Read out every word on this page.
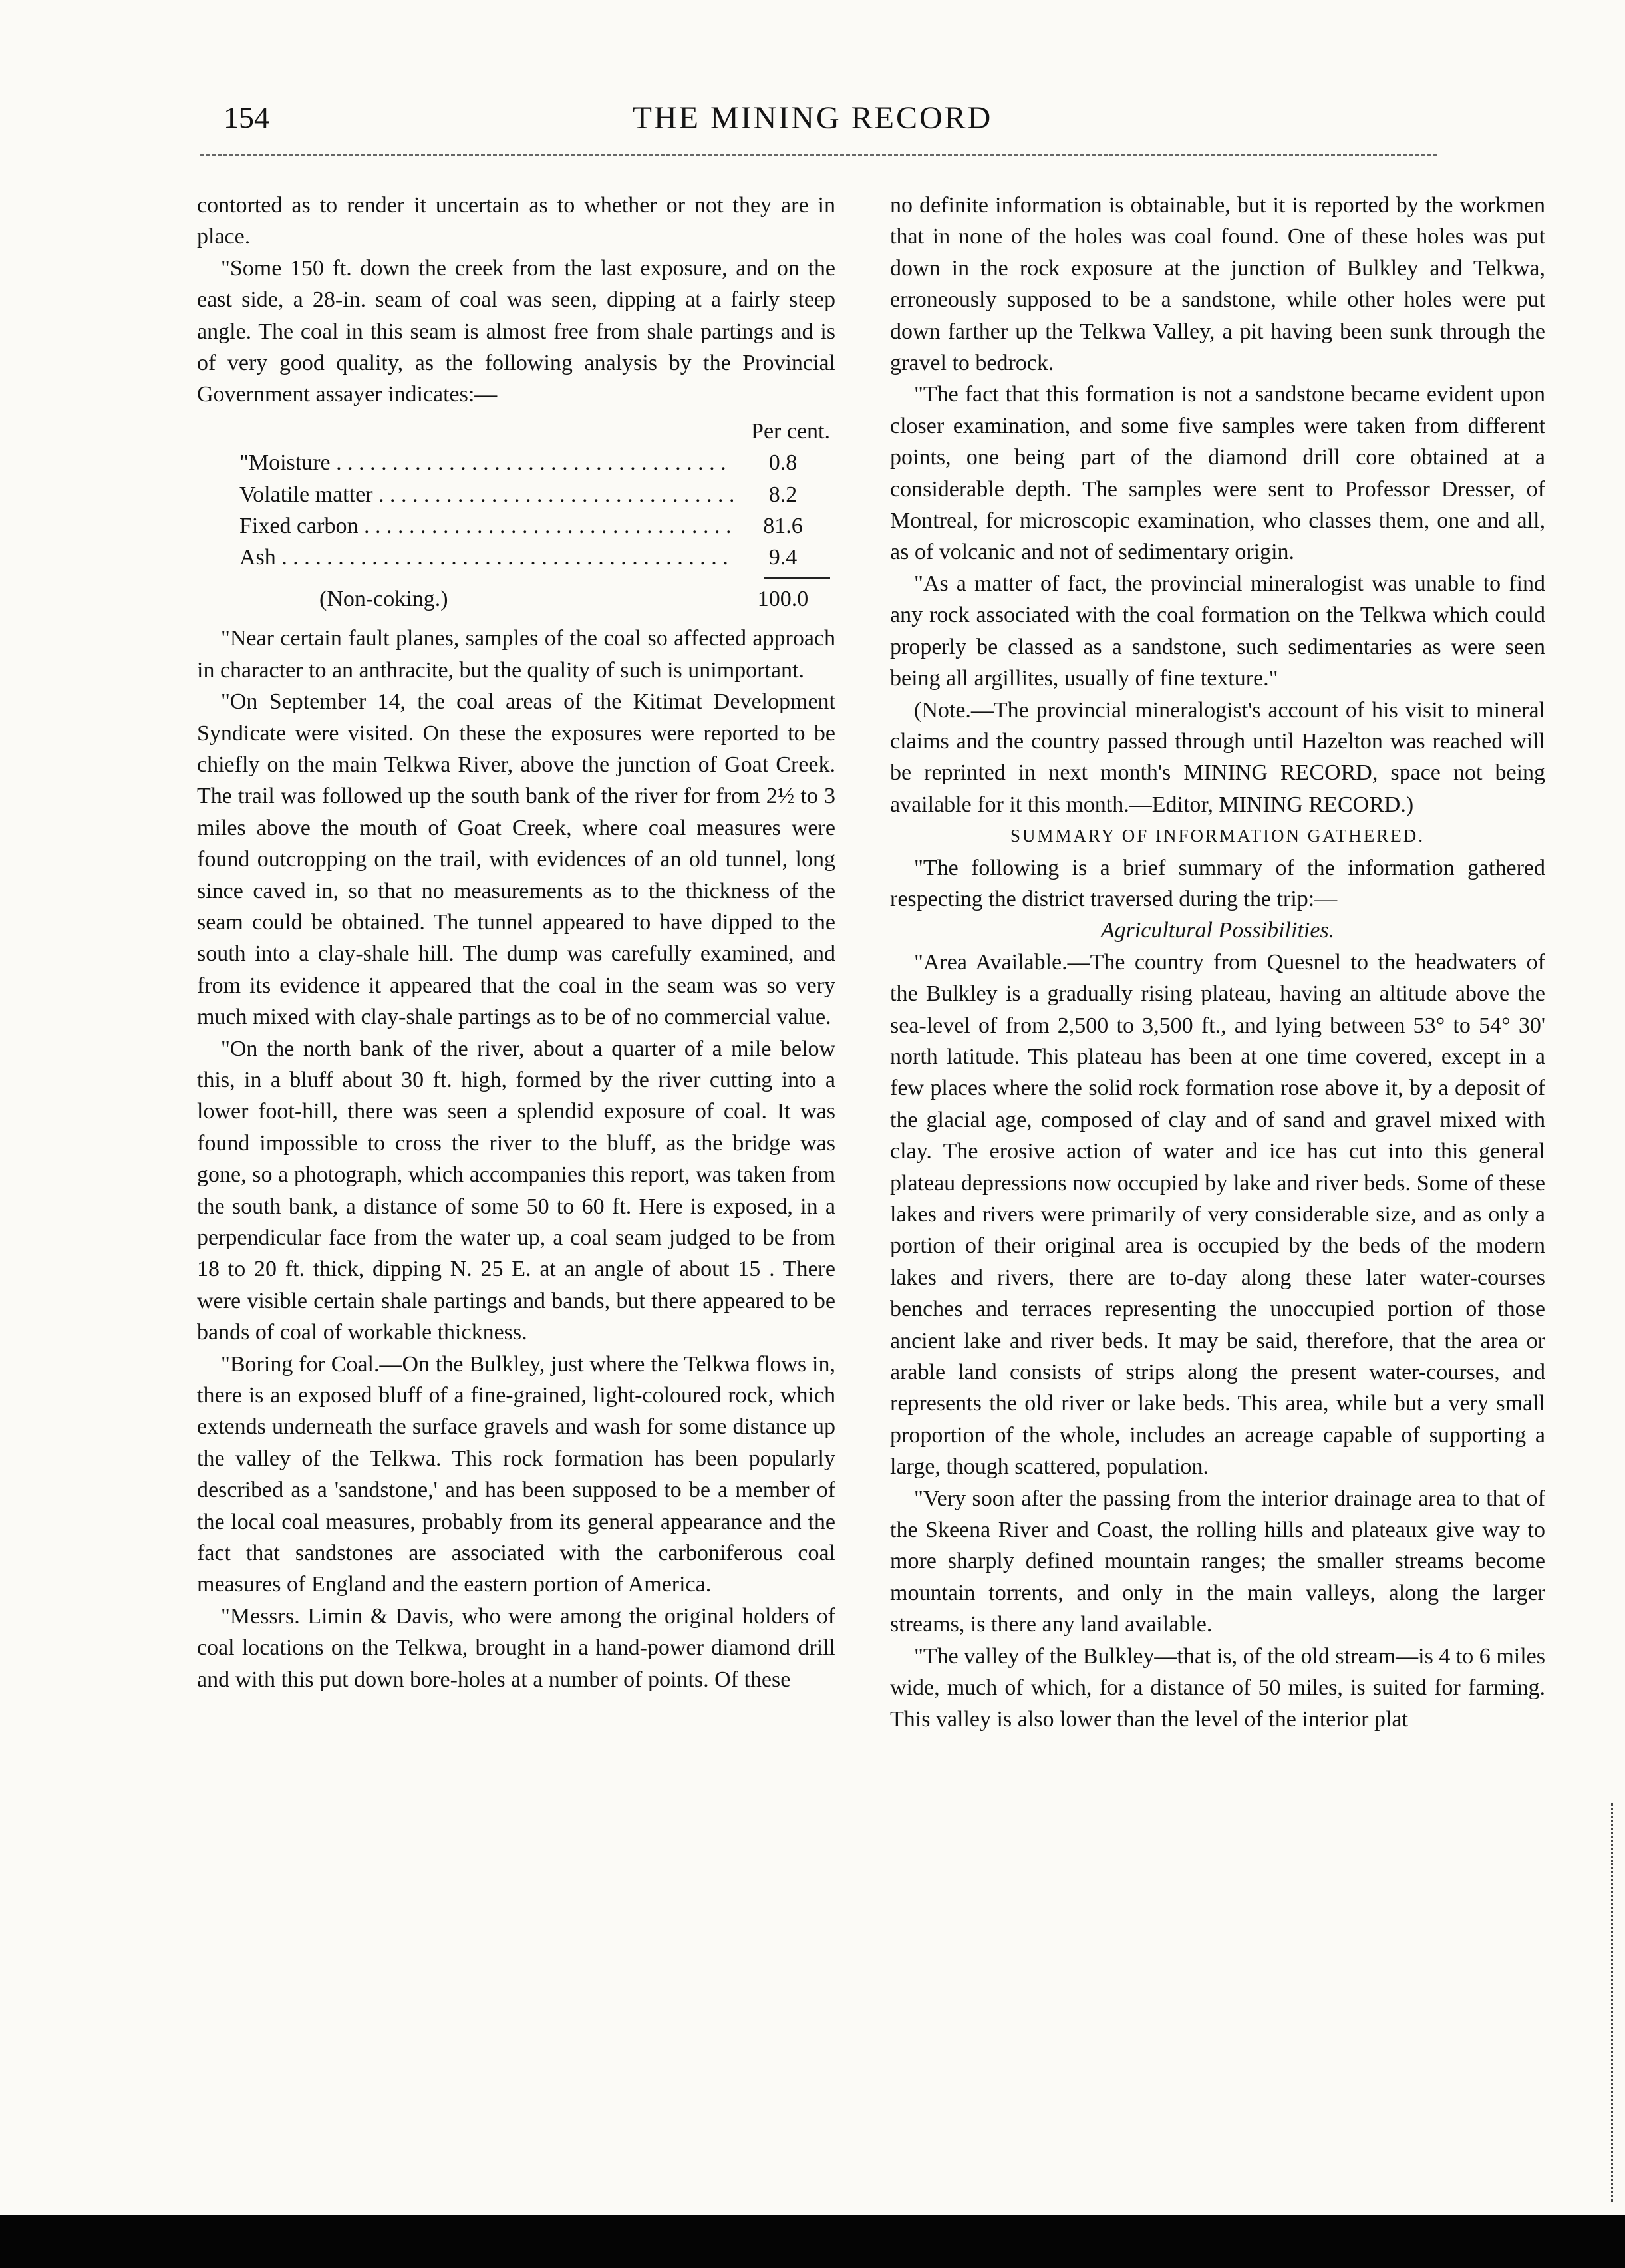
154	THE MINING RECORD

contorted as to render it uncertain as to whether or not they are in place.

"Some 150 ft. down the creek from the last exposure, and on the east side, a 28-in. seam of coal was seen, dipping at a fairly steep angle. The coal in this seam is almost free from shale partings and is of very good quality, as the following analysis by the Provincial Government assayer indicates:—

Per cent.
"Moisture . . .	0.8
Volatile matter . . .	8.2
Fixed carbon . . .	81.6
Ash . . .	9.4
(Non-coking.)	100.0

"Near certain fault planes, samples of the coal so affected approach in character to an anthracite, but the quality of such is unimportant.

"On September 14, the coal areas of the Kitimat Development Syndicate were visited. On these the exposures were reported to be chiefly on the main Telkwa River, above the junction of Goat Creek. The trail was followed up the south bank of the river for from 2½ to 3 miles above the mouth of Goat Creek, where coal measures were found outcropping on the trail, with evidences of an old tunnel, long since caved in, so that no measurements as to the thickness of the seam could be obtained. The tunnel appeared to have dipped to the south into a clay-shale hill. The dump was carefully examined, and from its evidence it appeared that the coal in the seam was so very much mixed with clay-shale partings as to be of no commercial value.

"On the north bank of the river, about a quarter of a mile below this, in a bluff about 30 ft. high, formed by the river cutting into a lower foot-hill, there was seen a splendid exposure of coal. It was found impossible to cross the river to the bluff, as the bridge was gone, so a photograph, which accompanies this report, was taken from the south bank, a distance of some 50 to 60 ft. Here is exposed, in a perpendicular face from the water up, a coal seam judged to be from 18 to 20 ft. thick, dipping N. 25 E. at an angle of about 15 . There were visible certain shale partings and bands, but there appeared to be bands of coal of workable thickness.

"Boring for Coal.—On the Bulkley, just where the Telkwa flows in, there is an exposed bluff of a fine-grained, light-coloured rock, which extends underneath the surface gravels and wash for some distance up the valley of the Telkwa. This rock formation has been popularly described as a 'sandstone,' and has been supposed to be a member of the local coal measures, probably from its general appearance and the fact that sandstones are associated with the carboniferous coal measures of England and the eastern portion of America.

"Messrs. Limin & Davis, who were among the original holders of coal locations on the Telkwa, brought in a hand-power diamond drill and with this put down bore-holes at a number of points. Of these

no definite information is obtainable, but it is reported by the workmen that in none of the holes was coal found. One of these holes was put down in the rock exposure at the junction of Bulkley and Telkwa, erroneously supposed to be a sandstone, while other holes were put down farther up the Telkwa Valley, a pit having been sunk through the gravel to bedrock.

"The fact that this formation is not a sandstone became evident upon closer examination, and some five samples were taken from different points, one being part of the diamond drill core obtained at a considerable depth. The samples were sent to Professor Dresser, of Montreal, for microscopic examination, who classes them, one and all, as of volcanic and not of sedimentary origin.

"As a matter of fact, the provincial mineralogist was unable to find any rock associated with the coal formation on the Telkwa which could properly be classed as a sandstone, such sedimentaries as were seen being all argillites, usually of fine texture."

(Note.—The provincial mineralogist's account of his visit to mineral claims and the country passed through until Hazelton was reached will be reprinted in next month's MINING RECORD, space not being available for it this month.—Editor, MINING RECORD.)

SUMMARY OF INFORMATION GATHERED.

"The following is a brief summary of the information gathered respecting the district traversed during the trip:—

Agricultural Possibilities.

"Area Available.—The country from Quesnel to the headwaters of the Bulkley is a gradually rising plateau, having an altitude above the sea-level of from 2,500 to 3,500 ft., and lying between 53° to 54° 30' north latitude. This plateau has been at one time covered, except in a few places where the solid rock formation rose above it, by a deposit of the glacial age, composed of clay and of sand and gravel mixed with clay. The erosive action of water and ice has cut into this general plateau depressions now occupied by lake and river beds. Some of these lakes and rivers were primarily of very considerable size, and as only a portion of their original area is occupied by the beds of the modern lakes and rivers, there are to-day along these later water-courses benches and terraces representing the unoccupied portion of those ancient lake and river beds. It may be said, therefore, that the area or arable land consists of strips along the present water-courses, and represents the old river or lake beds. This area, while but a very small proportion of the whole, includes an acreage capable of supporting a large, though scattered, population.

"Very soon after the passing from the interior drainage area to that of the Skeena River and Coast, the rolling hills and plateaux give way to more sharply defined mountain ranges; the smaller streams become mountain torrents, and only in the main valleys, along the larger streams, is there any land available.

"The valley of the Bulkley—that is, of the old stream—is 4 to 6 miles wide, much of which, for a distance of 50 miles, is suited for farming. This valley is also lower than the level of the interior plat
